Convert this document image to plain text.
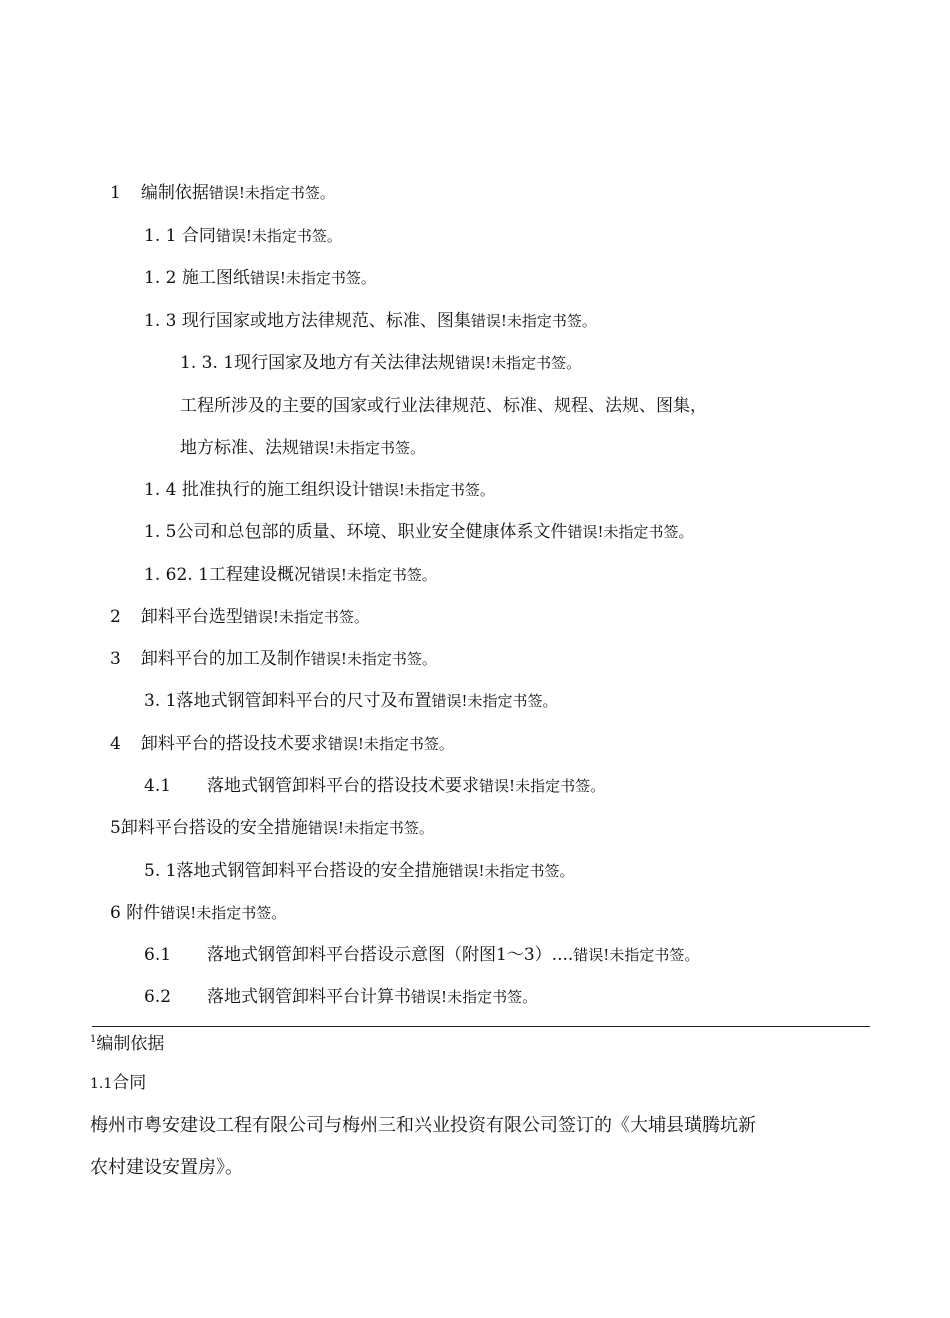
1 编制依据错误!未指定书签。
1. 1 合同错误!未指定书签。
1. 2 施工图纸错误!未指定书签。
1. 3 现行国家或地方法律规范、标准、图集错误!未指定书签。
1. 3. 1现行国家及地方有关法律法规错误!未指定书签。
工程所涉及的主要的国家或行业法律规范、标准、规程、法规、图集，
地方标准、法规错误!未指定书签。
1. 4 批准执行的施工组织设计错误!未指定书签。
1. 5公司和总包部的质量、环境、职业安全健康体系文件错误!未指定书签。
1. 62. 1工程建设概况错误!未指定书签。
2 卸料平台选型错误!未指定书签。
3 卸料平台的加工及制作错误!未指定书签。
3. 1落地式钢管卸料平台的尺寸及布置错误!未指定书签。
4 卸料平台的搭设技术要求错误!未指定书签。
4.1 落地式钢管卸料平台的搭设技术要求错误!未指定书签。
5卸料平台搭设的安全措施错误!未指定书签。
5. 1落地式钢管卸料平台搭设的安全措施错误!未指定书签。
6 附件错误!未指定书签。
6.1 落地式钢管卸料平台搭设示意图（附图1〜3）....错误!未指定书签。
6.2 落地式钢管卸料平台计算书错误!未指定书签。
$^1$编制依据
1.1合同
梅州市粤安建设工程有限公司与梅州三和兴业投资有限公司签订的《大埔县璜腾坑新
农村建设安置房》。
